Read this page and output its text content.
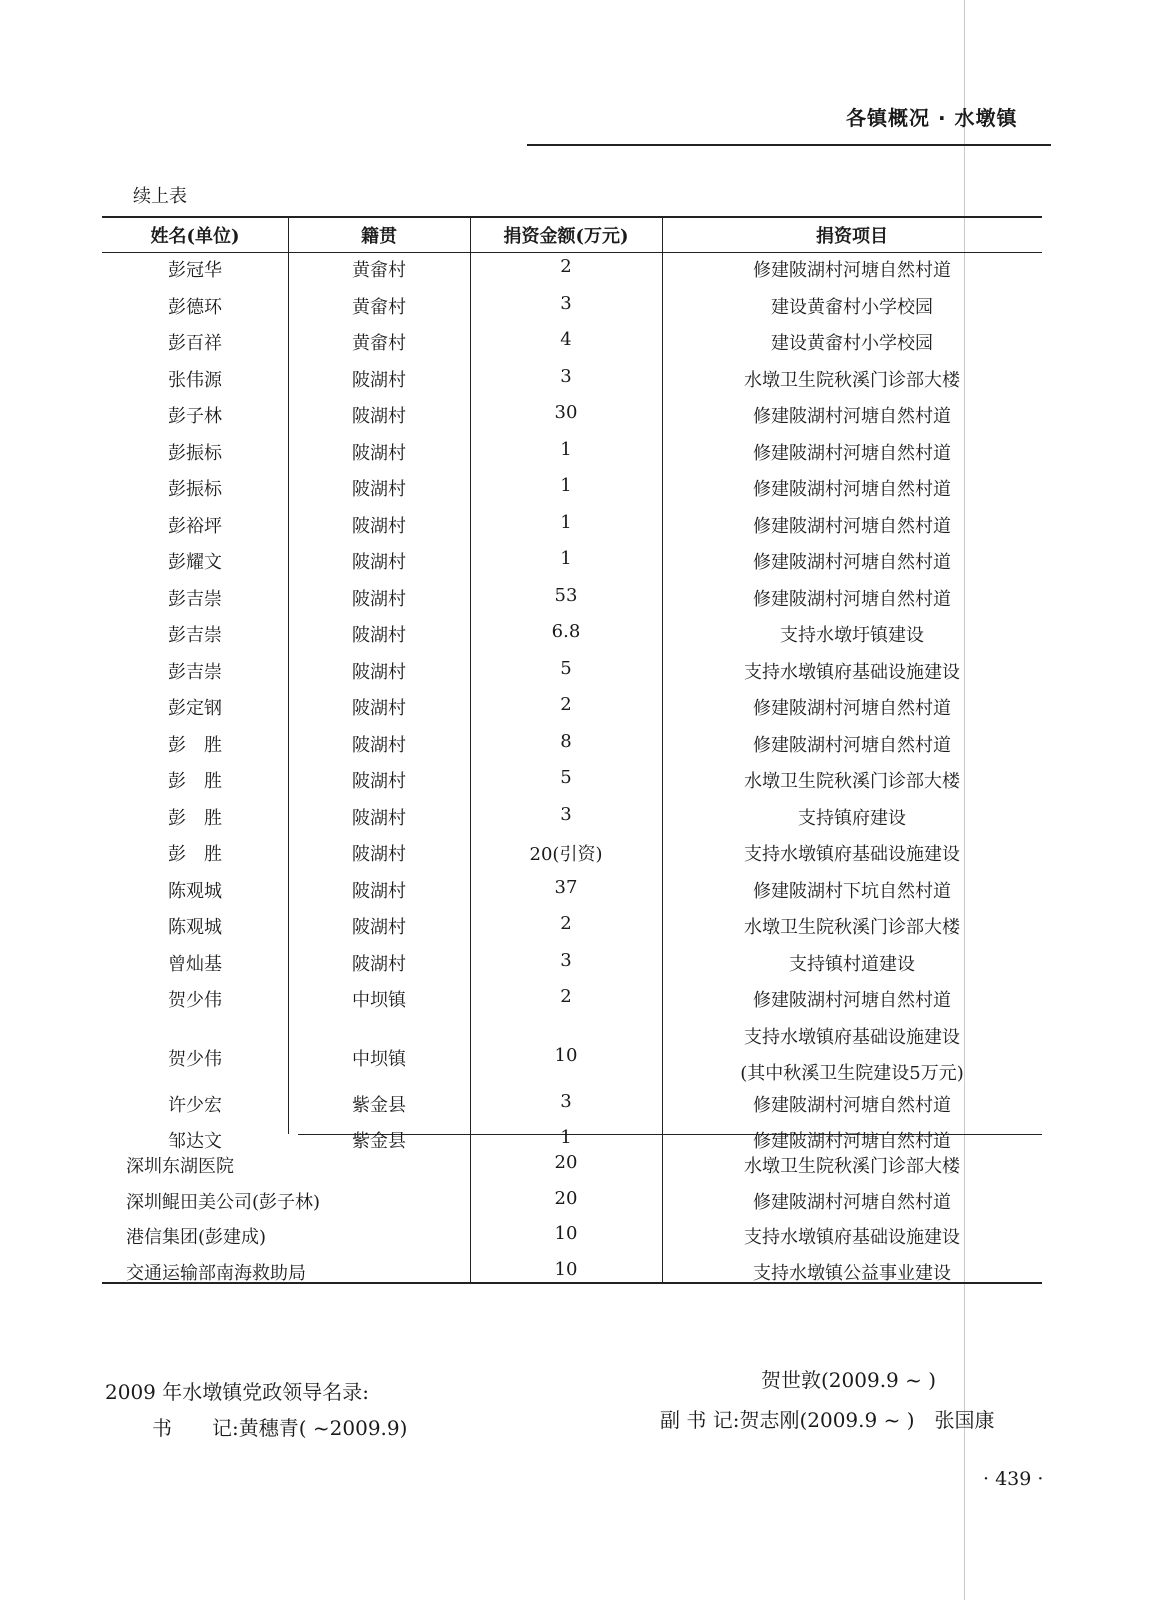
各镇概况 · 水墩镇
续上表
姓名(单位)	籍贯	捐资金额(万元)	捐资项目
彭冠华	黄畲村	2	修建陂湖村河塘自然村道
彭德环	黄畲村	3	建设黄畲村小学校园
彭百祥	黄畲村	4	建设黄畲村小学校园
张伟源	陂湖村	3	水墩卫生院秋溪门诊部大楼
彭子林	陂湖村	30	修建陂湖村河塘自然村道
彭振标	陂湖村	1	修建陂湖村河塘自然村道
彭振标	陂湖村	1	修建陂湖村河塘自然村道
彭裕坪	陂湖村	1	修建陂湖村河塘自然村道
彭耀文	陂湖村	1	修建陂湖村河塘自然村道
彭吉崇	陂湖村	53	修建陂湖村河塘自然村道
彭吉崇	陂湖村	6.8	支持水墩圩镇建设
彭吉崇	陂湖村	5	支持水墩镇府基础设施建设
彭定钢	陂湖村	2	修建陂湖村河塘自然村道
彭　胜	陂湖村	8	修建陂湖村河塘自然村道
彭　胜	陂湖村	5	水墩卫生院秋溪门诊部大楼
彭　胜	陂湖村	3	支持镇府建设
彭　胜	陂湖村	20(引资)	支持水墩镇府基础设施建设
陈观城	陂湖村	37	修建陂湖村下坑自然村道
陈观城	陂湖村	2	水墩卫生院秋溪门诊部大楼
曾灿基	陂湖村	3	支持镇村道建设
贺少伟	中坝镇	2	修建陂湖村河塘自然村道
贺少伟	中坝镇	10
支持水墩镇府基础设施建设
(其中秋溪卫生院建设5万元)
许少宏	紫金县	3	修建陂湖村河塘自然村道
邹达文	紫金县	1	修建陂湖村河塘自然村道
深圳东湖医院	20	水墩卫生院秋溪门诊部大楼
深圳鲲田美公司(彭子林)	20	修建陂湖村河塘自然村道
港信集团(彭建成)	10	支持水墩镇府基础设施建设
交通运输部南海救助局	10	支持水墩镇公益事业建设
2009 年水墩镇党政领导名录:
书　　记:黄穗青( ~2009.9)
贺世敦(2009.9 ~ )
副 书 记:贺志刚(2009.9 ~ )　张国康
· 439 ·
